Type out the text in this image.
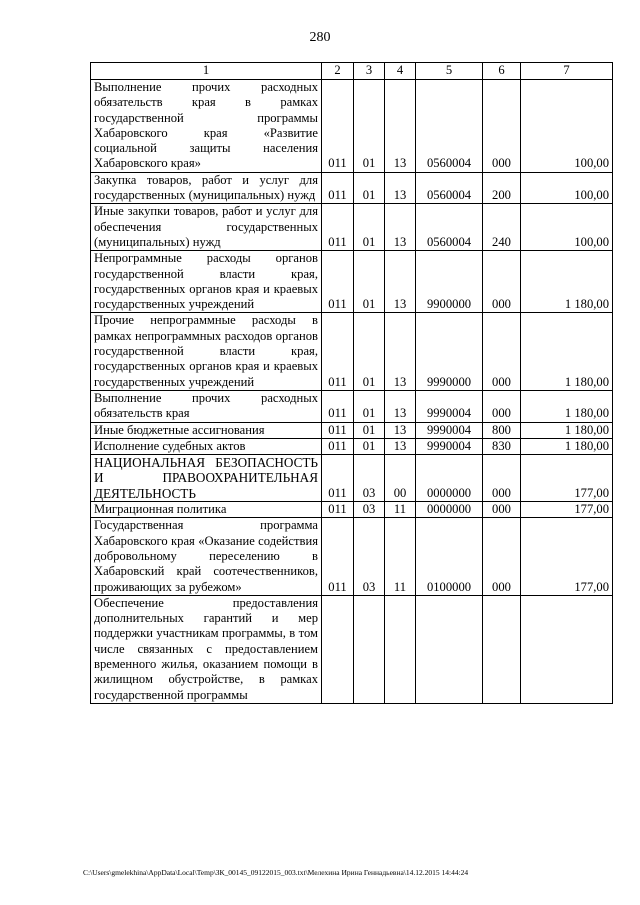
280
1	2	3	4	5	6	7
Выполнение прочих расходных обязательств края в рамках государственной программы Хабаровского края «Развитие социальной защиты населения Хабаровского края»	011	01	13	0560004	000	100,00
Закупка товаров, работ и услуг для государственных (муниципальных) нужд	011	01	13	0560004	200	100,00
Иные закупки товаров, работ и услуг для обеспечения государственных (муниципальных) нужд	011	01	13	0560004	240	100,00
Непрограммные расходы органов государственной власти края, государственных органов края и краевых государственных учреждений	011	01	13	9900000	000	1 180,00
Прочие непрограммные расходы в рамках непрограммных расходов органов государственной власти края, государственных органов края и краевых государственных учреждений	011	01	13	9990000	000	1 180,00
Выполнение прочих расходных обязательств края	011	01	13	9990004	000	1 180,00
Иные бюджетные ассигнования	011	01	13	9990004	800	1 180,00
Исполнение судебных актов	011	01	13	9990004	830	1 180,00
НАЦИОНАЛЬНАЯ БЕЗОПАСНОСТЬ И ПРАВООХРАНИТЕЛЬНАЯ ДЕЯТЕЛЬНОСТЬ	011	03	00	0000000	000	177,00
Миграционная политика	011	03	11	0000000	000	177,00
Государственная программа Хабаровского края «Оказание содействия добровольному переселению в Хабаровский край соотечественников, проживающих за рубежом»	011	03	11	0100000	000	177,00
Обеспечение предоставления дополнительных гарантий и мер поддержки участникам программы, в том числе связанных с предоставлением временного жилья, оказанием помощи в жилищном обустройстве, в рамках государственной программы						
C:\Users\gmelekhina\AppData\Local\Temp\ЗК_00145_09122015_003.txt\Мелехина Ирина Геннадьевна\14.12.2015 14:44:24
